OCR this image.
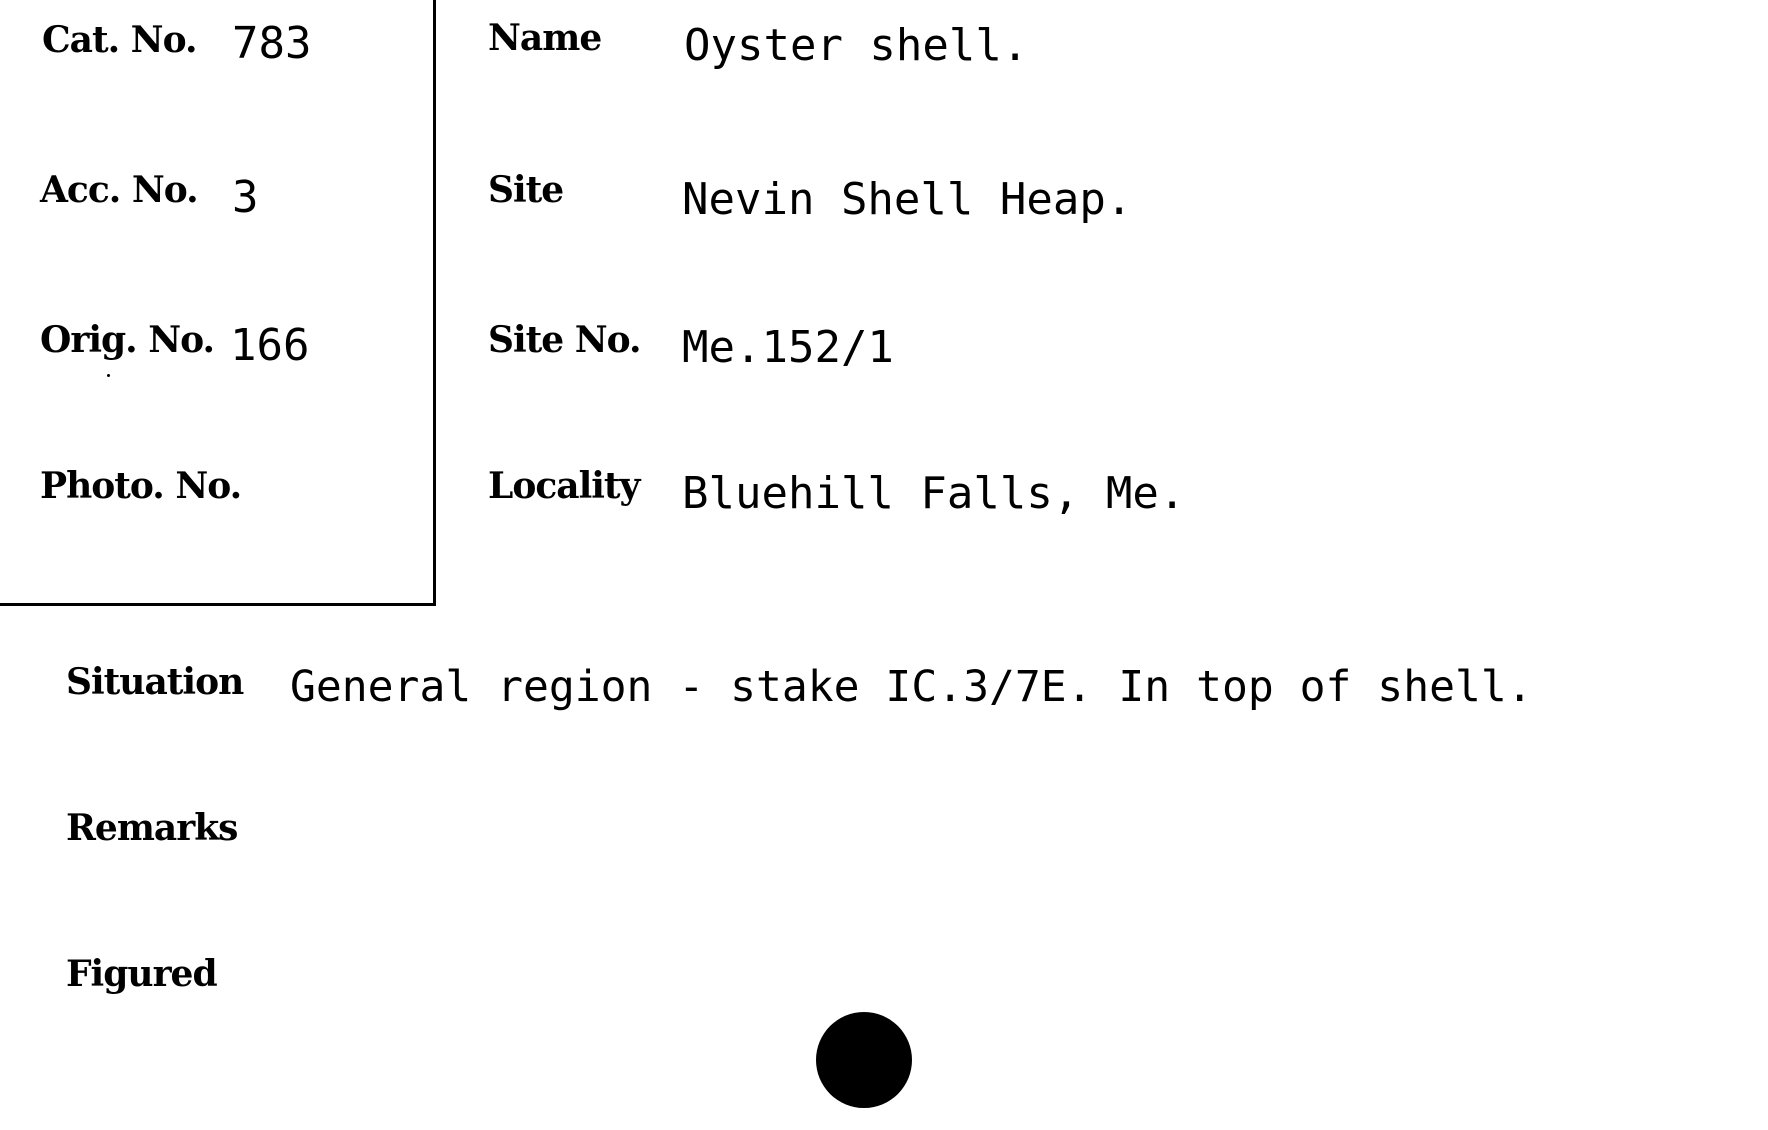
Cat. No. 783
Acc. No. 3
Orig. No. 166
Photo. No.
Name Oyster shell.
Site	Nevin Shell Heap.
Site No. Me.152/1
Locality Bluehill Falls, Me.
Situation General region - stake IC.3/7E. In top of shell.
Remarks
Figured
